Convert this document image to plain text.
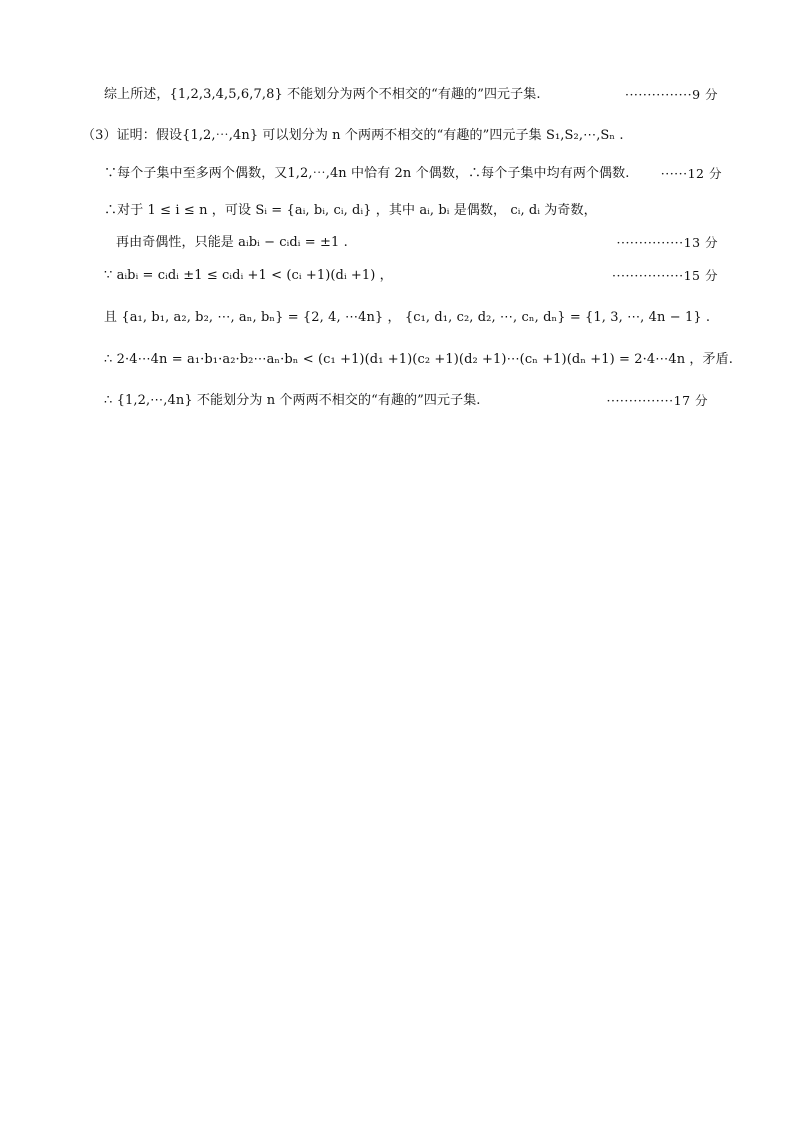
综上所述，{1,2,3,4,5,6,7,8} 不能划分为两个不相交的“有趣的”四元子集.	···············9 分
（3）证明：假设{1,2,⋯,4n} 可以划分为 n 个两两不相交的“有趣的”四元子集 S₁,S₂,⋯,Sₙ .
∵每个子集中至多两个偶数，又1,2,⋯,4n 中恰有 2n 个偶数，∴每个子集中均有两个偶数.	······12 分
∴对于 1 ≤ i ≤ n ，可设 Sᵢ = {aᵢ, bᵢ, cᵢ, dᵢ} ，其中 aᵢ, bᵢ 是偶数， cᵢ, dᵢ 为奇数，
再由奇偶性，只能是 aᵢbᵢ − cᵢdᵢ = ±1 .	···············13 分
∵ aᵢbᵢ = cᵢdᵢ ±1 ≤ cᵢdᵢ +1 < (cᵢ +1)(dᵢ +1) ，	················15 分
且 {a₁, b₁, a₂, b₂, ⋯, aₙ, bₙ} = {2, 4, ⋯4n} ， {c₁, d₁, c₂, d₂, ⋯, cₙ, dₙ} = {1, 3, ⋯, 4n − 1} .
∴ 2·4⋯4n = a₁·b₁·a₂·b₂⋯aₙ·bₙ < (c₁ +1)(d₁ +1)(c₂ +1)(d₂ +1)⋯(cₙ +1)(dₙ +1) = 2·4⋯4n ，矛盾.
∴ {1,2,⋯,4n} 不能划分为 n 个两两不相交的“有趣的”四元子集.	···············17 分
